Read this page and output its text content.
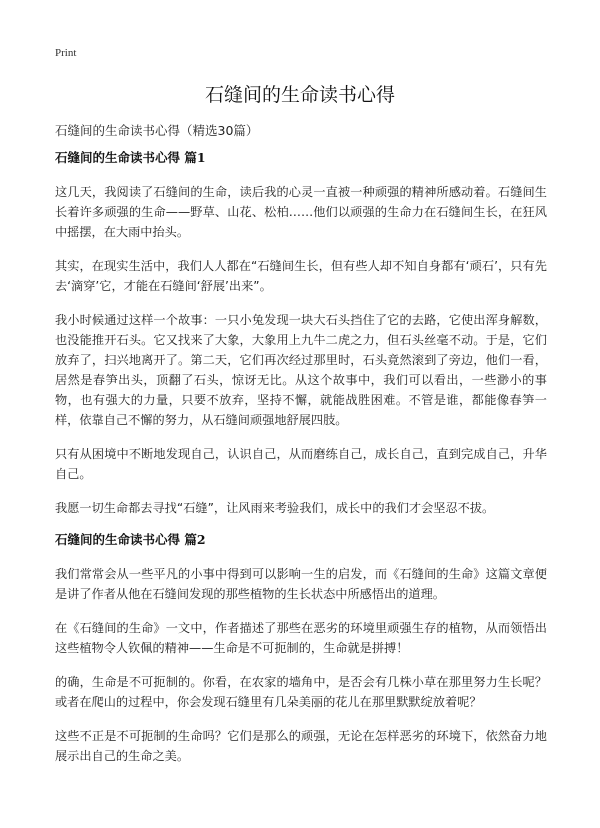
Print
石缝间的生命读书心得

石缝间的生命读书心得（精选30篇）

石缝间的生命读书心得 篇1

这几天，我阅读了石缝间的生命，读后我的心灵一直被一种顽强的精神所感动着。石缝间生长着许多顽强的生命——野草、山花、松柏……他们以顽强的生命力在石缝间生长，在狂风中摇摆，在大雨中抬头。

其实，在现实生活中，我们人人都在“石缝间生长，但有些人却不知自身都有‘顽石’，只有先去‘滴穿’它，才能在石缝间‘舒展’出来”。

我小时候通过这样一个故事：一只小兔发现一块大石头挡住了它的去路，它使出浑身解数，也没能推开石头。它又找来了大象，大象用上九牛二虎之力，但石头丝毫不动。于是，它们放弃了，扫兴地离开了。第二天，它们再次经过那里时，石头竟然滚到了旁边，他们一看，居然是春笋出头，顶翻了石头，惊讶无比。从这个故事中，我们可以看出，一些渺小的事物，也有强大的力量，只要不放弃，坚持不懈，就能战胜困难。不管是谁，都能像春笋一样，依靠自己不懈的努力，从石缝间顽强地舒展四肢。

只有从困境中不断地发现自己，认识自己，从而磨练自己，成长自己，直到完成自己，升华自己。

我愿一切生命都去寻找“石缝”，让风雨来考验我们，成长中的我们才会坚忍不拔。

石缝间的生命读书心得 篇2

我们常常会从一些平凡的小事中得到可以影响一生的启发，而《石缝间的生命》这篇文章便是讲了作者从他在石缝间发现的那些植物的生长状态中所感悟出的道理。

在《石缝间的生命》一文中，作者描述了那些在恶劣的环境里顽强生存的植物，从而领悟出这些植物令人钦佩的精神——生命是不可扼制的，生命就是拼搏！

的确，生命是不可扼制的。你看，在农家的墙角中，是否会有几株小草在那里努力生长呢？或者在爬山的过程中，你会发现石缝里有几朵美丽的花儿在那里默默绽放着呢？

这些不正是不可扼制的生命吗？它们是那么的顽强，无论在怎样恶劣的环境下，依然奋力地展示出自己的生命之美。
